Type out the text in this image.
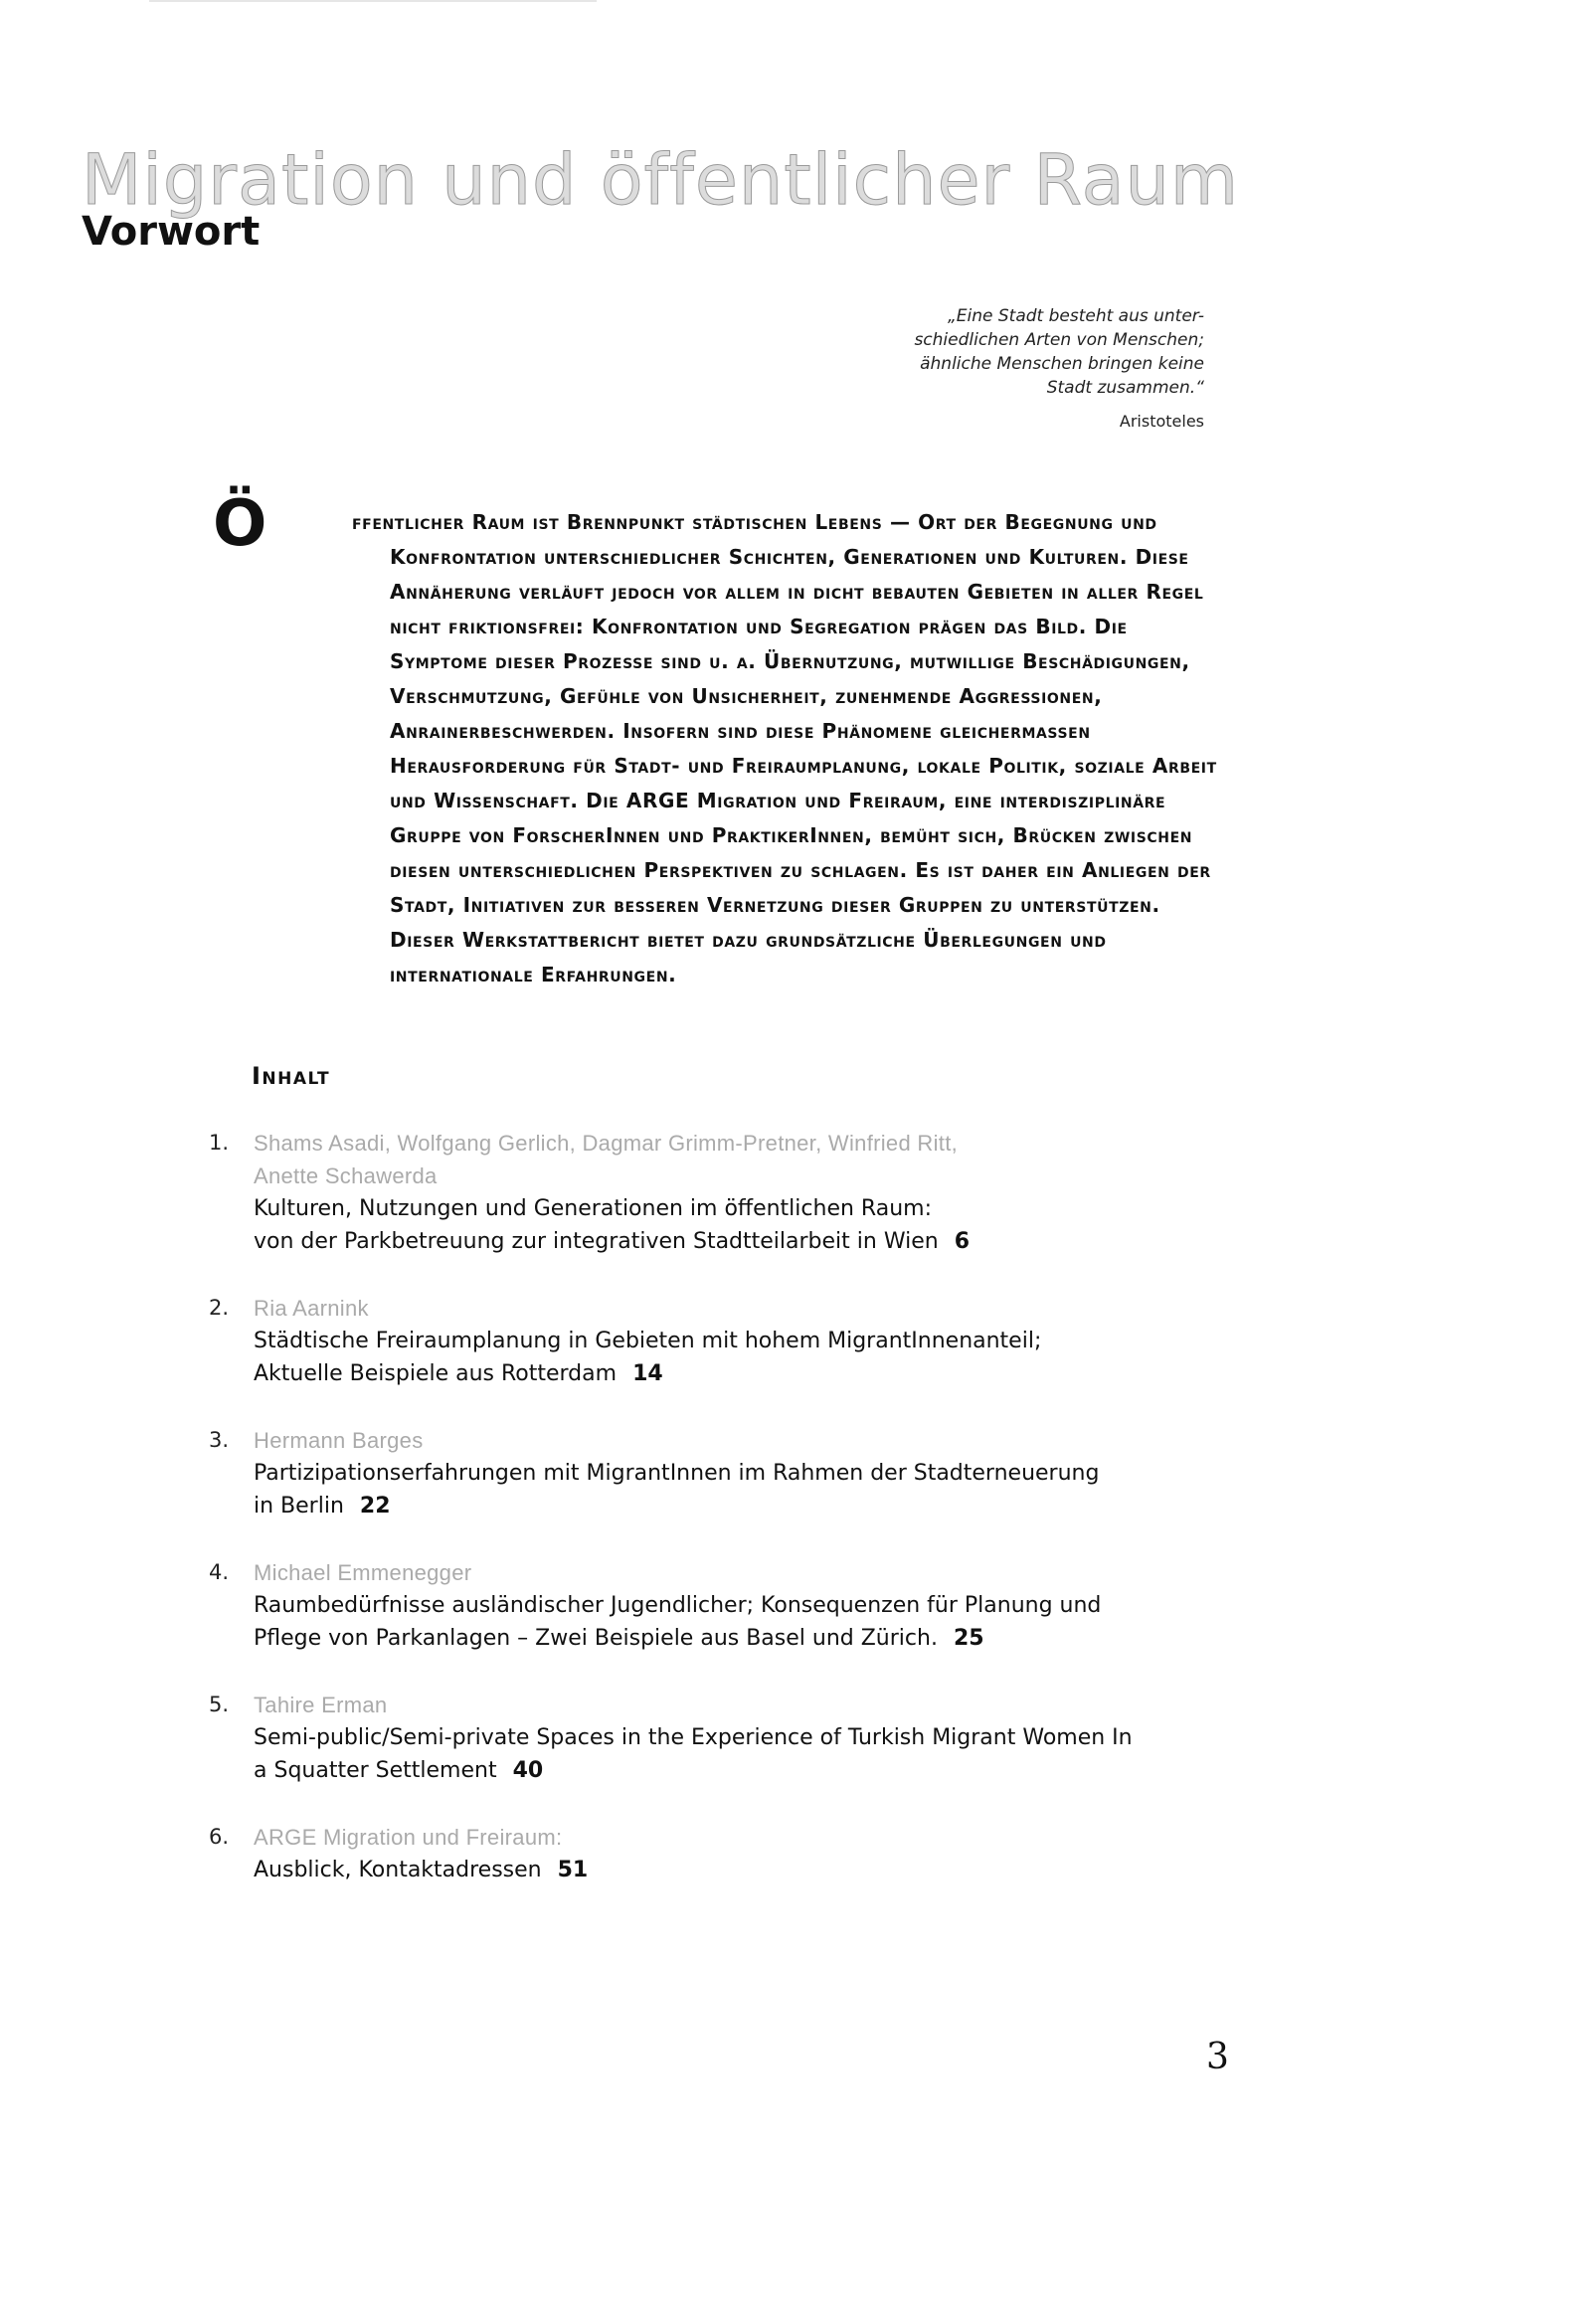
Migration und öffentlicher Raum
Vorwort
„Eine Stadt besteht aus unter-
schiedlichen Arten von Menschen;
ähnliche Menschen bringen keine
Stadt zusammen.“
Aristoteles
Ö	ffentlicher Raum ist Brennpunkt städtischen Lebens — Ort der Begegnung und
Konfrontation unterschiedlicher Schichten, Generationen und Kulturen. Diese Annäherung verläuft jedoch vor allem in dicht bebauten Gebieten in aller Regel nicht friktionsfrei: Konfrontation und Segregation prägen das Bild. Die Symptome dieser Prozesse sind u. a. Übernutzung, mutwillige Beschädigungen, Verschmutzung, Gefühle von Unsicherheit, zunehmende Aggressionen, Anrainerbeschwerden. Insofern sind diese Phänomene gleichermassen Herausforderung für Stadt- und Freiraumplanung, lokale Politik, soziale Arbeit und Wissenschaft. Die ARGE Migration und Freiraum, eine interdisziplinäre Gruppe von ForscherInnen und PraktikerInnen, bemüht sich, Brücken zwischen diesen unterschiedlichen Perspektiven zu schlagen. Es ist daher ein Anliegen der Stadt, Initiativen zur besseren Vernetzung dieser Gruppen zu unterstützen. Dieser Werkstattbericht bietet dazu grundsätzliche Überlegungen und internationale Erfahrungen.
Inhalt
1.	Shams Asadi, Wolfgang Gerlich, Dagmar Grimm-Pretner, Winfried Ritt,
Anette Schawerda
Kulturen, Nutzungen und Generationen im öffentlichen Raum:
von der Parkbetreuung zur integrativen Stadtteilarbeit in Wien 6
2.	Ria Aarnink
Städtische Freiraumplanung in Gebieten mit hohem MigrantInnenanteil;
Aktuelle Beispiele aus Rotterdam 14
3.	Hermann Barges
Partizipationserfahrungen mit MigrantInnen im Rahmen der Stadterneuerung
in Berlin 22
4.	Michael Emmenegger
Raumbedürfnisse ausländischer Jugendlicher; Konsequenzen für Planung und
Pflege von Parkanlagen – Zwei Beispiele aus Basel und Zürich. 25
5.	Tahire Erman
Semi-public/Semi-private Spaces in the Experience of Turkish Migrant Women In
a Squatter Settlement 40
6.	ARGE Migration und Freiraum:
Ausblick, Kontaktadressen 51
3
